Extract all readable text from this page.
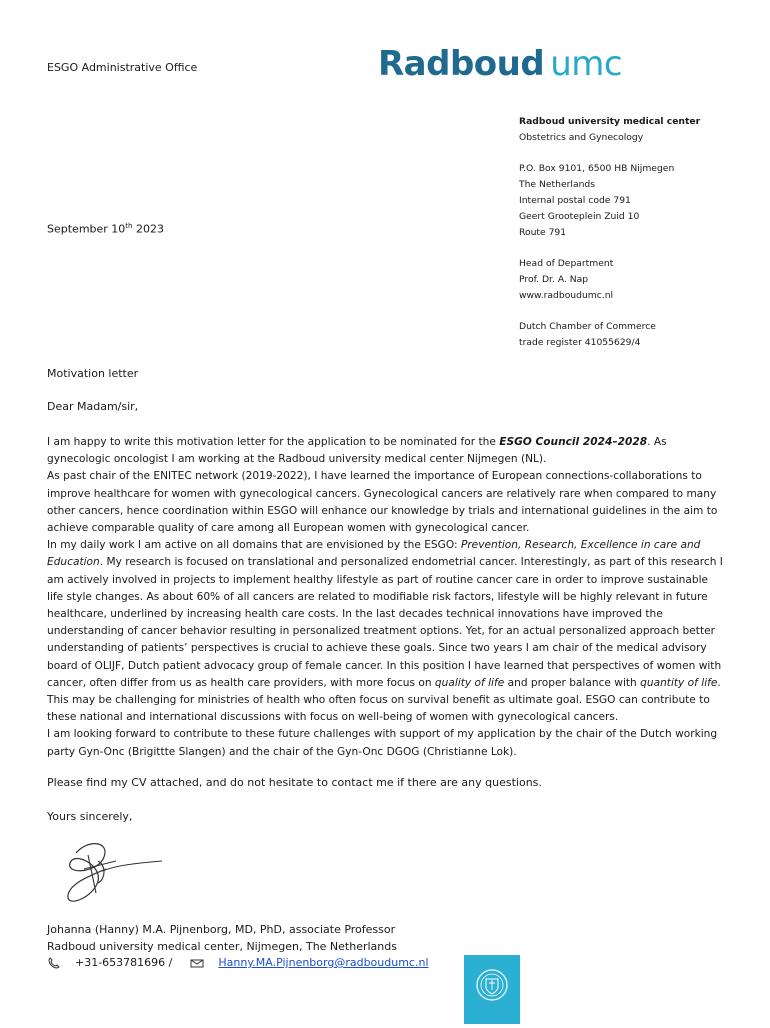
ESGO Administrative Office	Radboud umc
Radboud university medical center
Obstetrics and Gynecology
P.O. Box 9101, 6500 HB Nijmegen
The Netherlands
Internal postal code 791
Geert Grooteplein Zuid 10
Route 791
Head of Department
Prof. Dr. A. Nap
www.radboudumc.nl
Dutch Chamber of Commerce
trade register 41055629/4
September 10th 2023
Motivation letter
Dear Madam/sir,

I am happy to write this motivation letter for the application to be nominated for the ESGO Council 2024–2028. As gynecologic oncologist I am working at the Radboud university medical center Nijmegen (NL).

As past chair of the ENITEC network (2019-2022), I have learned the importance of European connections-collaborations to improve healthcare for women with gynecological cancers. Gynecological cancers are relatively rare when compared to many other cancers, hence coordination within ESGO will enhance our knowledge by trials and international guidelines in the aim to achieve comparable quality of care among all European women with gynecological cancer.

In my daily work I am active on all domains that are envisioned by the ESGO: Prevention, Research, Excellence in care and Education. My research is focused on translational and personalized endometrial cancer. Interestingly, as part of this research I am actively involved in projects to implement healthy lifestyle as part of routine cancer care in order to improve sustainable life style changes. As about 60% of all cancers are related to modifiable risk factors, lifestyle will be highly relevant in future healthcare, underlined by increasing health care costs. In the last decades technical innovations have improved the understanding of cancer behavior resulting in personalized treatment options. Yet, for an actual personalized approach better understanding of patients’ perspectives is crucial to achieve these goals. Since two years I am chair of the medical advisory board of OLIJF, Dutch patient advocacy group of female cancer. In this position I have learned that perspectives of women with cancer, often differ from us as health care providers, with more focus on quality of life and proper balance with quantity of life. This may be challenging for ministries of health who often focus on survival benefit as ultimate goal. ESGO can contribute to these national and international discussions with focus on well-being of women with gynecological cancers.

I am looking forward to contribute to these future challenges with support of my application by the chair of the Dutch working party Gyn-Onc (Brigittte Slangen) and the chair of the Gyn-Onc DGOG (Christianne Lok).

Please find my CV attached, and do not hesitate to contact me if there are any questions.
Yours sincerely,
Johanna (Hanny) M.A. Pijnenborg, MD, PhD, associate Professor
Radboud university medical center, Nijmegen, The Netherlands
+31-653781696 /	Hanny.MA.Pijnenborg@radboudumc.nl
